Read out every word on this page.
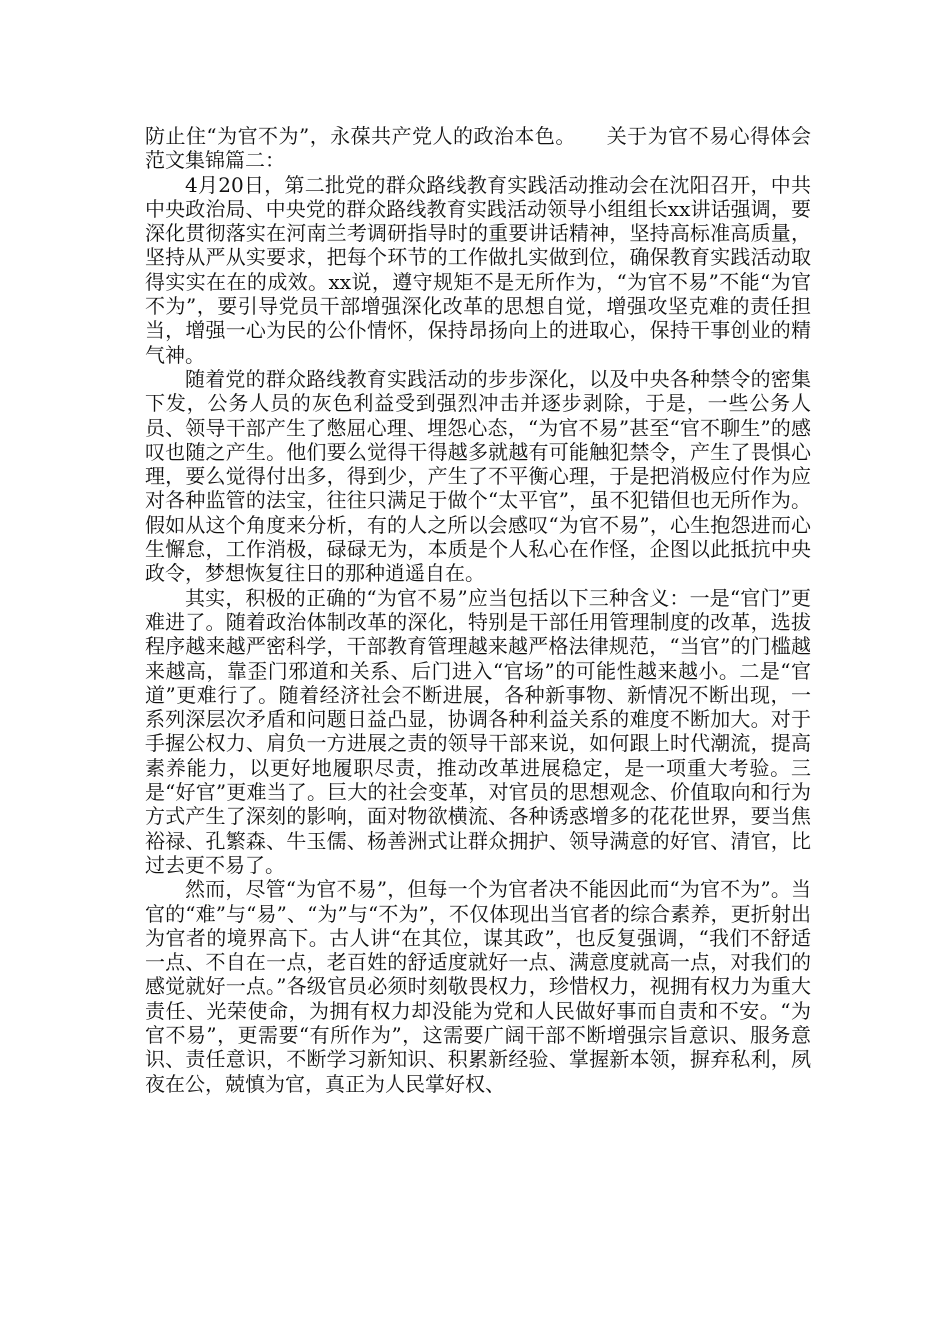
防止住“为官不为”，永葆共产党人的政治本色。　　关于为官不易心得体会范文集锦篇二：

4月20日，第二批党的群众路线教育实践活动推动会在沈阳召开，中共中央政治局、中央党的群众路线教育实践活动领导小组组长xx讲话强调，要深化贯彻落实在河南兰考调研指导时的重要讲话精神，坚持高标准高质量，坚持从严从实要求，把每个环节的工作做扎实做到位，确保教育实践活动取得实实在在的成效。xx说，遵守规矩不是无所作为，“为官不易”不能“为官不为”，要引导党员干部增强深化改革的思想自觉，增强攻坚克难的责任担当，增强一心为民的公仆情怀，保持昂扬向上的进取心，保持干事创业的精气神。

随着党的群众路线教育实践活动的步步深化，以及中央各种禁令的密集下发，公务人员的灰色利益受到强烈冲击并逐步剥除，于是，一些公务人员、领导干部产生了憋屈心理、埋怨心态，“为官不易”甚至“官不聊生”的感叹也随之产生。他们要么觉得干得越多就越有可能触犯禁令，产生了畏惧心理，要么觉得付出多，得到少，产生了不平衡心理，于是把消极应付作为应对各种监管的法宝，往往只满足于做个“太平官”，虽不犯错但也无所作为。假如从这个角度来分析，有的人之所以会感叹“为官不易”，心生抱怨进而心生懈怠，工作消极，碌碌无为，本质是个人私心在作怪，企图以此抵抗中央政令，梦想恢复往日的那种逍遥自在。

其实，积极的正确的“为官不易”应当包括以下三种含义：一是“官门”更难进了。随着政治体制改革的深化，特别是干部任用管理制度的改革，选拔程序越来越严密科学，干部教育管理越来越严格法律规范，“当官”的门槛越来越高，靠歪门邪道和关系、后门进入“官场”的可能性越来越小。二是“官道”更难行了。随着经济社会不断进展，各种新事物、新情况不断出现，一系列深层次矛盾和问题日益凸显，协调各种利益关系的难度不断加大。对于手握公权力、肩负一方进展之责的领导干部来说，如何跟上时代潮流，提高素养能力，以更好地履职尽责，推动改革进展稳定，是一项重大考验。三是“好官”更难当了。巨大的社会变革，对官员的思想观念、价值取向和行为方式产生了深刻的影响，面对物欲横流、各种诱惑增多的花花世界，要当焦裕禄、孔繁森、牛玉儒、杨善洲式让群众拥护、领导满意的好官、清官，比过去更不易了。

然而，尽管“为官不易”，但每一个为官者决不能因此而“为官不为”。当官的“难”与“易”、“为”与“不为”，不仅体现出当官者的综合素养，更折射出为官者的境界高下。古人讲“在其位，谋其政”，也反复强调，“我们不舒适一点、不自在一点，老百姓的舒适度就好一点、满意度就高一点，对我们的感觉就好一点。”各级官员必须时刻敬畏权力，珍惜权力，视拥有权力为重大责任、光荣使命，为拥有权力却没能为党和人民做好事而自责和不安。“为官不易”，更需要“有所作为”，这需要广阔干部不断增强宗旨意识、服务意识、责任意识，不断学习新知识、积累新经验、掌握新本领，摒弃私利，夙夜在公，兢慎为官，真正为人民掌好权、
